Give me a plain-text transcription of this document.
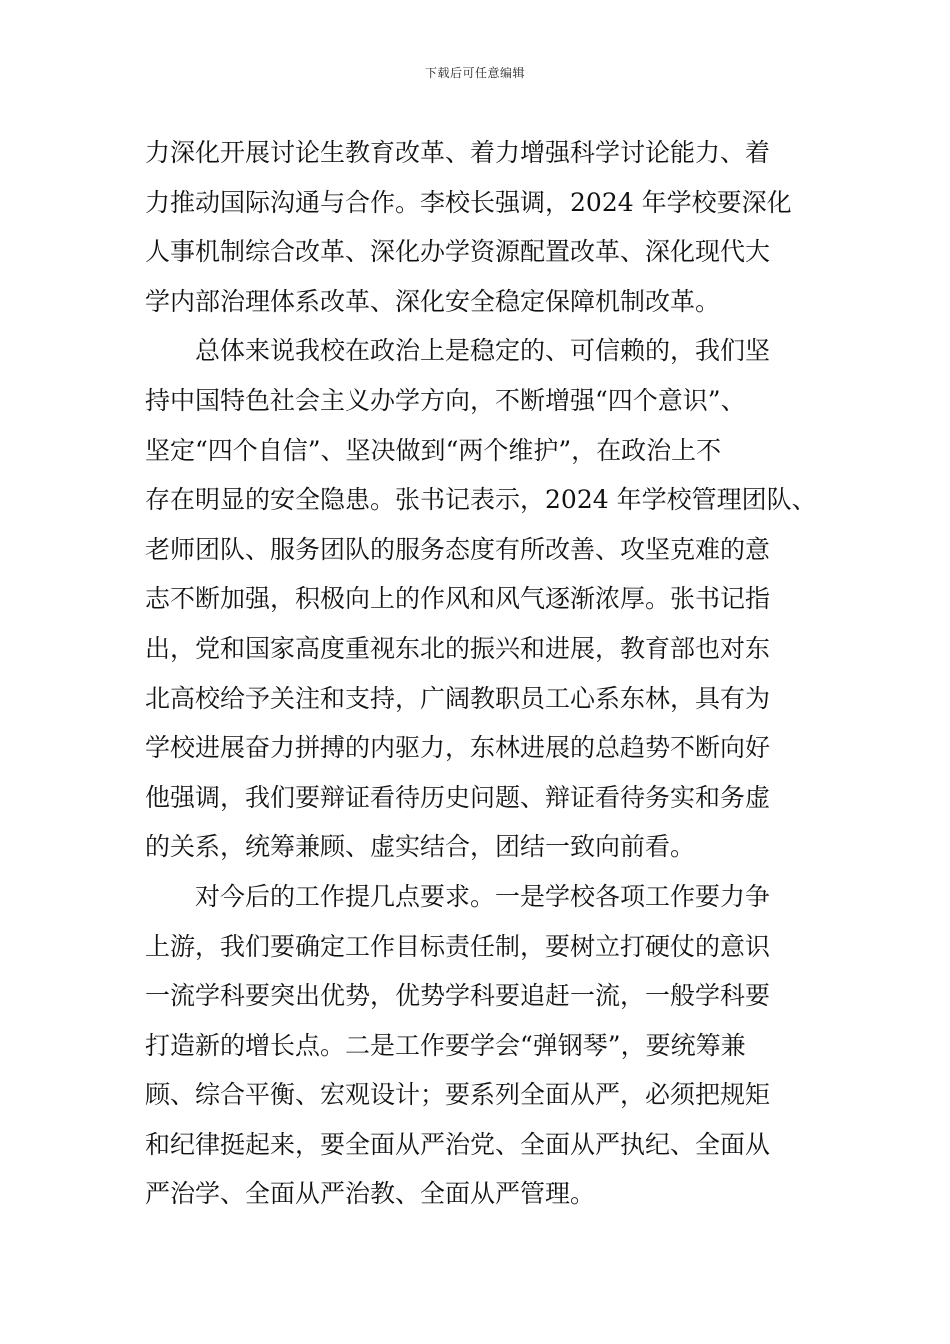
下载后可任意编辑
力深化开展讨论生教育改革、着力增强科学讨论能力、着
力推动国际沟通与合作。李校长强调，2024 年学校要深化
人事机制综合改革、深化办学资源配置改革、深化现代大
学内部治理体系改革、深化安全稳定保障机制改革。
总体来说我校在政治上是稳定的、可信赖的，我们坚
持中国特色社会主义办学方向，不断增强“四个意识”、
坚定“四个自信”、坚决做到“两个维护”，在政治上不
存在明显的安全隐患。张书记表示，2024 年学校管理团队、
老师团队、服务团队的服务态度有所改善、攻坚克难的意
志不断加强，积极向上的作风和风气逐渐浓厚。张书记指
出，党和国家高度重视东北的振兴和进展，教育部也对东
北高校给予关注和支持，广阔教职员工心系东林，具有为
学校进展奋力拼搏的内驱力，东林进展的总趋势不断向好
他强调，我们要辩证看待历史问题、辩证看待务实和务虚
的关系，统筹兼顾、虚实结合，团结一致向前看。
对今后的工作提几点要求。一是学校各项工作要力争
上游，我们要确定工作目标责任制，要树立打硬仗的意识
一流学科要突出优势，优势学科要追赶一流，一般学科要
打造新的增长点。二是工作要学会“弹钢琴”，要统筹兼
顾、综合平衡、宏观设计；要系列全面从严，必须把规矩
和纪律挺起来，要全面从严治党、全面从严执纪、全面从
严治学、全面从严治教、全面从严管理。
